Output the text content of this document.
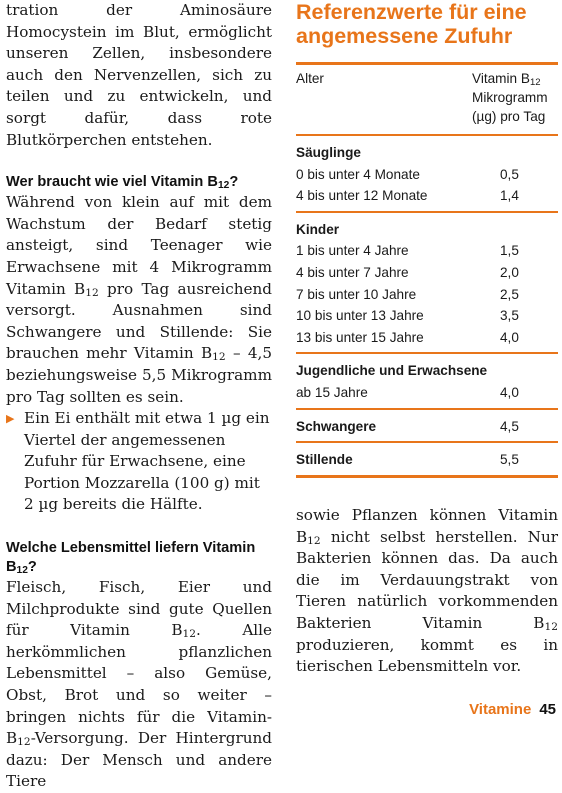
tration der Aminosäure Homocystein im Blut, ermöglicht unseren Zellen, insbesondere auch den Nervenzellen, sich zu teilen und zu entwickeln, und sorgt dafür, dass rote Blutkörperchen entstehen.

Wer braucht wie viel Vitamin $B_{12}$?

Während von klein auf mit dem Wachstum der Bedarf stetig ansteigt, sind Teenager wie Erwachsene mit 4 Mikrogramm Vitamin $B_{12}$ pro Tag ausreichend versorgt. Ausnahmen sind Schwangere und Stillende: Sie brauchen mehr Vitamin $B_{12} - 4,5$ beziehungsweise 5,5 Mikrogramm pro Tag sollten es sein.

▶ Ein Ei enthält mit etwa 1 µg ein Viertel der angemessenen Zufuhr für Erwachsene, eine Portion Mozzarella (100 g) mit 2 µg bereits die Hälfte.
Welche Lebensmittel liefern Vitamin $B_{12}$?

Fleisch, Fisch, Eier und Milchprodukte sind gute Quellen für Vitamin $B_{12}$. Alle herkömmlichen pflanzlichen Lebensmittel – also Gemüse, Obst, Brot und so weiter – bringen nichts für die Vitamin-$B_{12}$-Versorgung. Der Hintergrund dazu: Der Mensch und andere Tiere

Referenzwerte für eine angemessene Zufuhr
Alter	Vitamin $B_{12}$
Mikrogramm (µg) pro Tag
Säuglinge
0 bis unter 4 Monate	0,5
4 bis unter 12 Monate	1,4
Kinder
1 bis unter 4 Jahre	1,5
4 bis unter 7 Jahre	2,0
7 bis unter 10 Jahre	2,5
10 bis unter 13 Jahre	3,5
13 bis unter 15 Jahre	4,0
Jugendliche und Erwachsene
ab 15 Jahre	4,0
Schwangere	4,5
Stillende	5,5

sowie Pflanzen können Vitamin $B_{12}$ nicht selbst herstellen. Nur Bakterien können das. Da auch die im Verdauungstrakt von Tieren natürlich vorkommenden Bakterien Vitamin $B_{12}$ produzieren, kommt es in tierischen Lebensmitteln vor.

Vitamine 45
